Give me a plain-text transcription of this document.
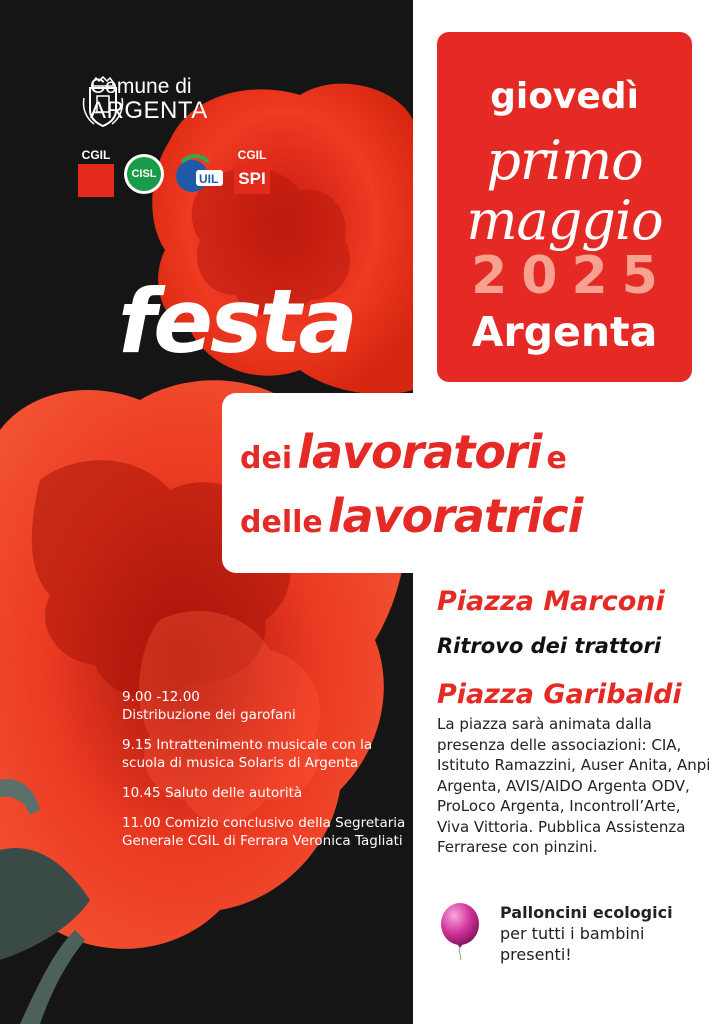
Comune di
ARGENTA
CGIL
CISL	UIL
CGIL
SPI
festa
9.00 -12.00
Distribuzione dei garofani
9.15 Intrattenimento musicale con la scuola di musica Solaris di Argenta
10.45 Saluto delle autorità
11.00 Comizio conclusivo della Segretaria Generale CGIL di Ferrara Veronica Tagliati
giovedì
primo
maggio
2025
Argenta
dei lavoratori e
delle lavoratrici
Piazza Marconi
Ritrovo dei trattori
Piazza Garibaldi
La piazza sarà animata dalla presenza delle associazioni: CIA, Istituto Ramazzini, Auser Anita, Anpi Argenta, AVIS/AIDO Argenta ODV, ProLoco Argenta, Incontroll’Arte, Viva Vittoria. Pubblica Assistenza Ferrarese con pinzini.
Palloncini ecologici
per tutti i bambini presenti!
